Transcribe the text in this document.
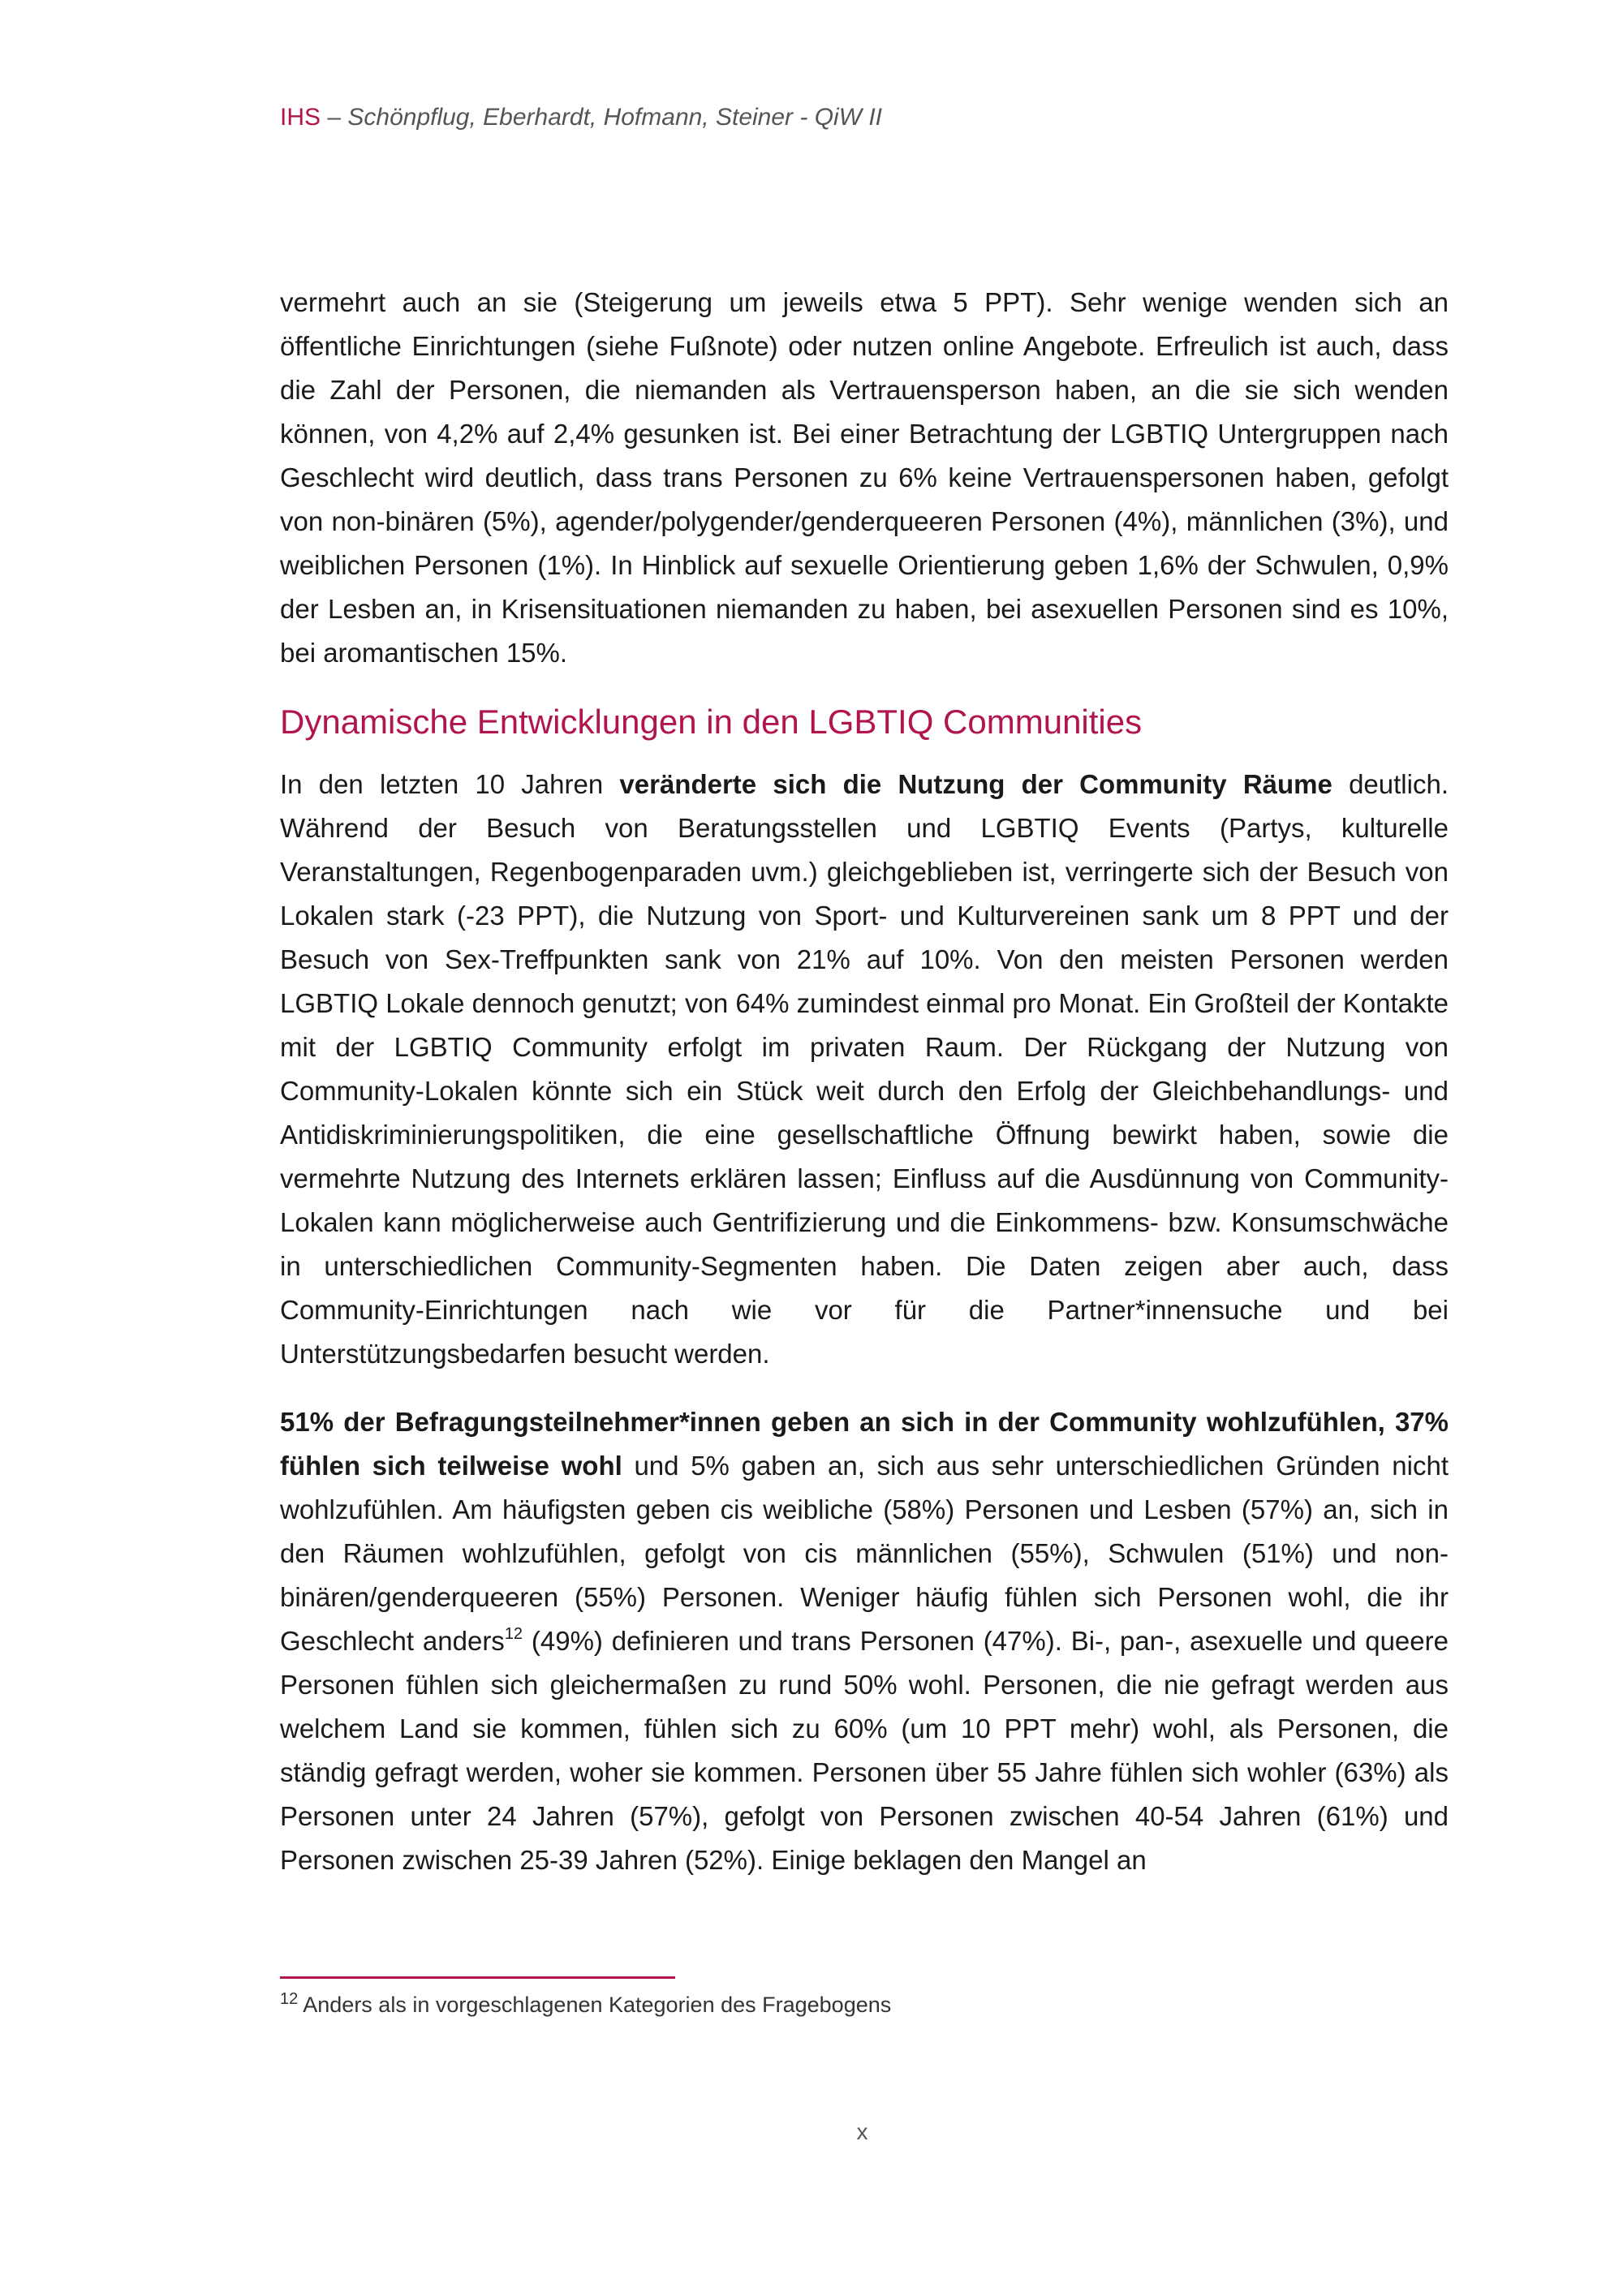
IHS – Schönpflug, Eberhardt, Hofmann, Steiner - QiW II

vermehrt auch an sie (Steigerung um jeweils etwa 5 PPT). Sehr wenige wenden sich an öffentliche Einrichtungen (siehe Fußnote) oder nutzen online Angebote. Erfreulich ist auch, dass die Zahl der Personen, die niemanden als Vertrauensperson haben, an die sie sich wenden können, von 4,2% auf 2,4% gesunken ist. Bei einer Betrachtung der LGBTIQ Untergruppen nach Geschlecht wird deutlich, dass trans Personen zu 6% keine Vertrauenspersonen haben, gefolgt von non-binären (5%), agender/polygender/genderqueeren Personen (4%), männlichen (3%), und weiblichen Personen (1%). In Hinblick auf sexuelle Orientierung geben 1,6% der Schwulen, 0,9% der Lesben an, in Krisensituationen niemanden zu haben, bei asexuellen Personen sind es 10%, bei aromantischen 15%.

Dynamische Entwicklungen in den LGBTIQ Communities

In den letzten 10 Jahren veränderte sich die Nutzung der Community Räume deutlich. Während der Besuch von Beratungsstellen und LGBTIQ Events (Partys, kulturelle Veranstaltungen, Regenbogenparaden uvm.) gleichgeblieben ist, verringerte sich der Besuch von Lokalen stark (-23 PPT), die Nutzung von Sport- und Kulturvereinen sank um 8 PPT und der Besuch von Sex-Treffpunkten sank von 21% auf 10%. Von den meisten Personen werden LGBTIQ Lokale dennoch genutzt; von 64% zumindest einmal pro Monat. Ein Großteil der Kontakte mit der LGBTIQ Community erfolgt im privaten Raum. Der Rückgang der Nutzung von Community-Lokalen könnte sich ein Stück weit durch den Erfolg der Gleichbehandlungs- und Antidiskriminierungspolitiken, die eine gesellschaftliche Öffnung bewirkt haben, sowie die vermehrte Nutzung des Internets erklären lassen; Einfluss auf die Ausdünnung von Community-Lokalen kann möglicherweise auch Gentrifizierung und die Einkommens- bzw. Konsumschwäche in unterschiedlichen Community-Segmenten haben. Die Daten zeigen aber auch, dass Community-Einrichtungen nach wie vor für die Partner*innensuche und bei Unterstützungsbedarfen besucht werden.

51% der Befragungsteilnehmer*innen geben an sich in der Community wohlzufühlen, 37% fühlen sich teilweise wohl und 5% gaben an, sich aus sehr unterschiedlichen Gründen nicht wohlzufühlen. Am häufigsten geben cis weibliche (58%) Personen und Lesben (57%) an, sich in den Räumen wohlzufühlen, gefolgt von cis männlichen (55%), Schwulen (51%) und non-binären/genderqueeren (55%) Personen. Weniger häufig fühlen sich Personen wohl, die ihr Geschlecht anders$^{12}$ (49%) definieren und trans Personen (47%). Bi-, pan-, asexuelle und queere Personen fühlen sich gleichermaßen zu rund 50% wohl. Personen, die nie gefragt werden aus welchem Land sie kommen, fühlen sich zu 60% (um 10 PPT mehr) wohl, als Personen, die ständig gefragt werden, woher sie kommen. Personen über 55 Jahre fühlen sich wohler (63%) als Personen unter 24 Jahren (57%), gefolgt von Personen zwischen 40-54 Jahren (61%) und Personen zwischen 25-39 Jahren (52%). Einige beklagen den Mangel an

$^{12}$ Anders als in vorgeschlagenen Kategorien des Fragebogens
x
